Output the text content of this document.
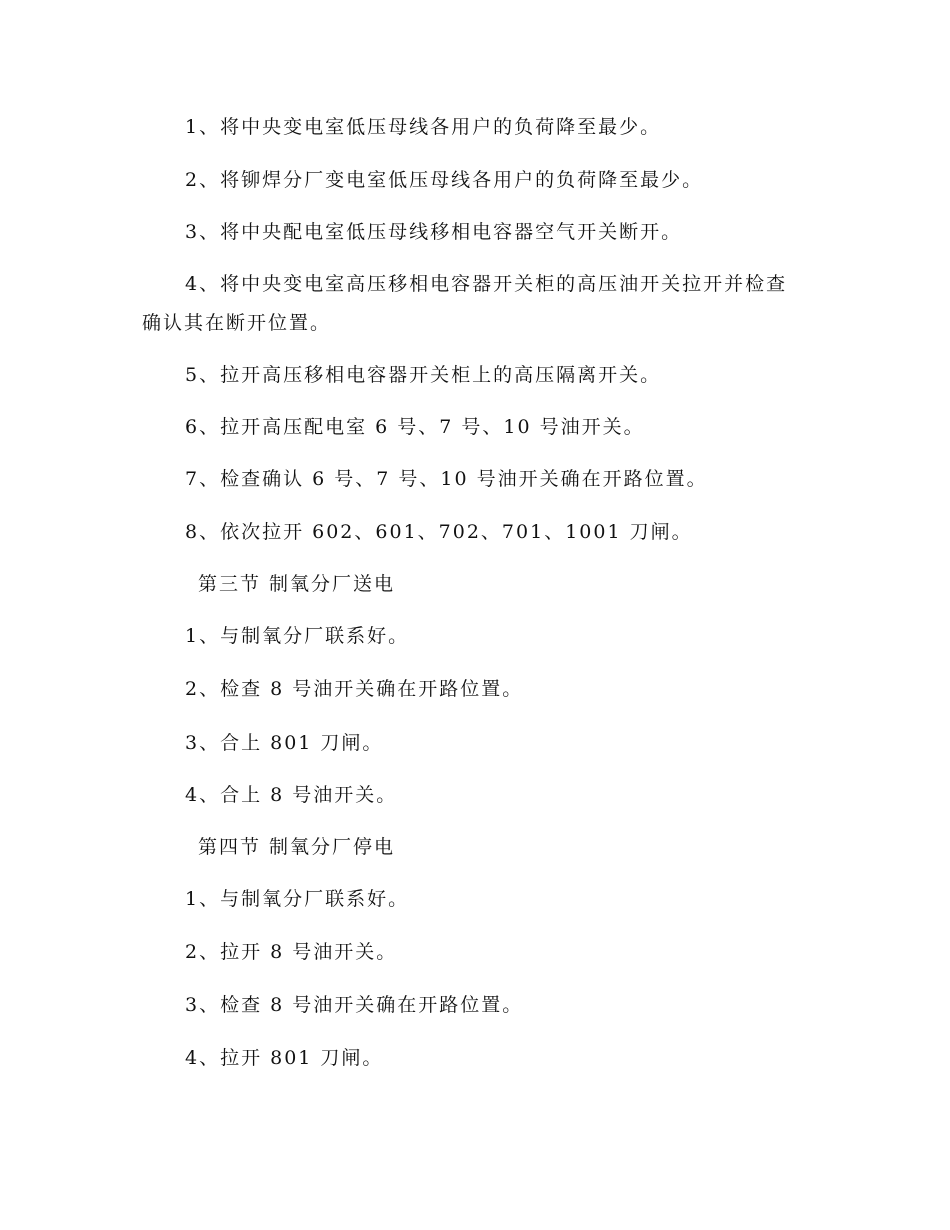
1、将中央变电室低压母线各用户的负荷降至最少。
2、将铆焊分厂变电室低压母线各用户的负荷降至最少。
3、将中央配电室低压母线移相电容器空气开关断开。
4、将中央变电室高压移相电容器开关柜的高压油开关拉开并检查
确认其在断开位置。
5、拉开高压移相电容器开关柜上的高压隔离开关。
6、拉开高压配电室 6 号、7 号、10 号油开关。
7、检查确认 6 号、7 号、10 号油开关确在开路位置。
8、依次拉开 602、601、702、701、1001 刀闸。
第三节 制氧分厂送电
1、与制氧分厂联系好。
2、检查 8 号油开关确在开路位置。
3、合上 801 刀闸。
4、合上 8 号油开关。
第四节 制氧分厂停电
1、与制氧分厂联系好。
2、拉开 8 号油开关。
3、检查 8 号油开关确在开路位置。
4、拉开 801 刀闸。
